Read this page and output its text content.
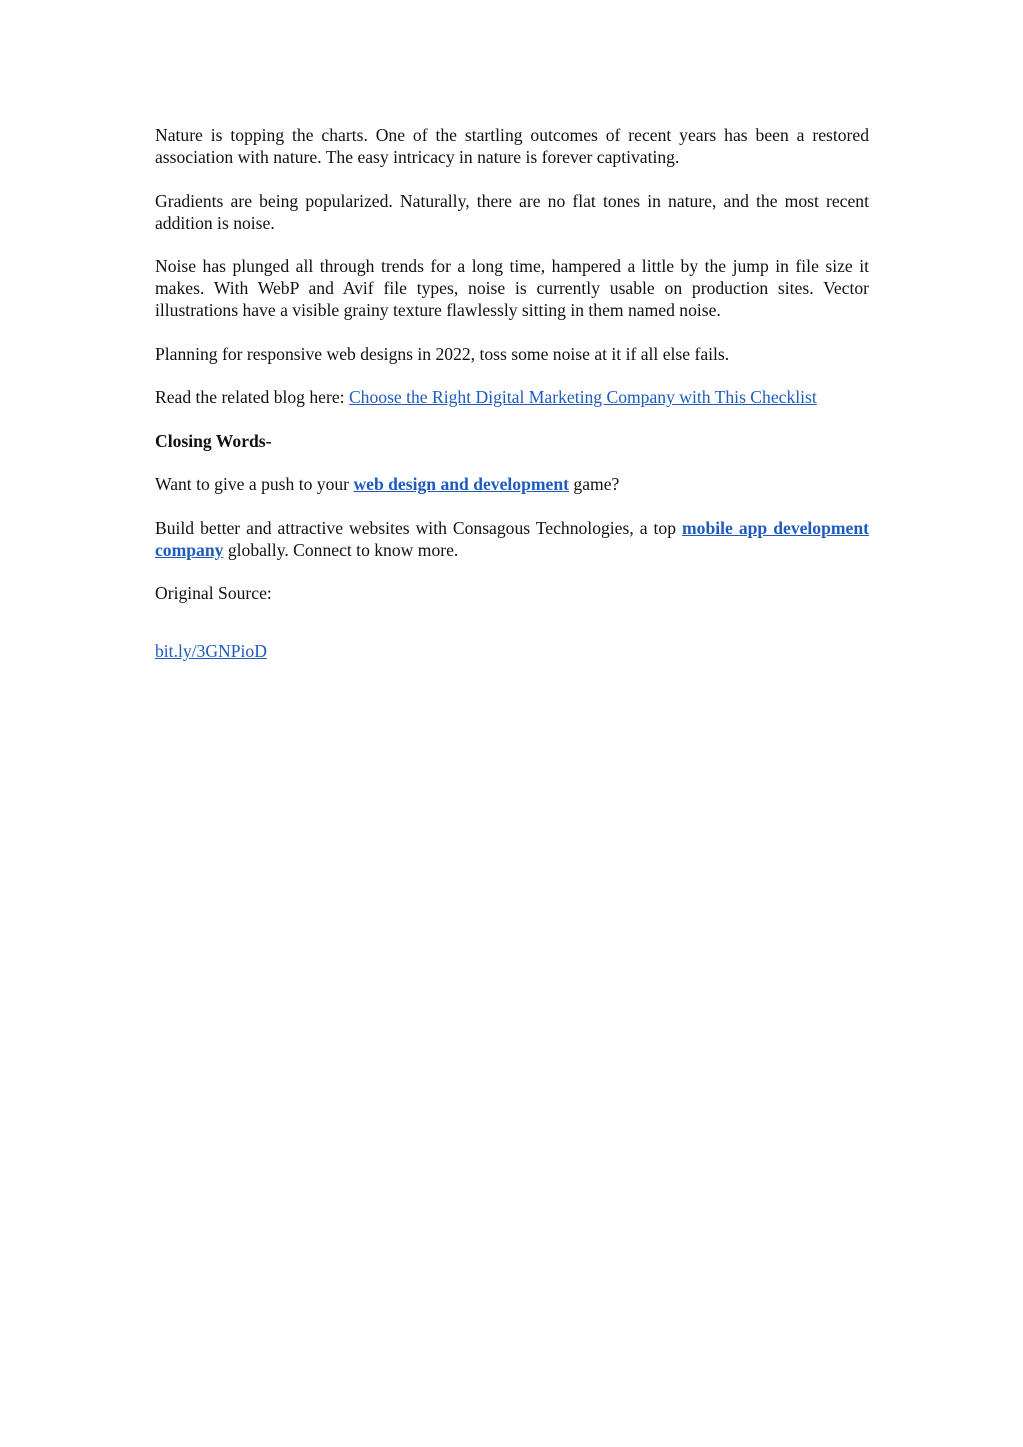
Nature is topping the charts. One of the startling outcomes of recent years has been a restored association with nature. The easy intricacy in nature is forever captivating.

Gradients are being popularized. Naturally, there are no flat tones in nature, and the most recent addition is noise.

Noise has plunged all through trends for a long time, hampered a little by the jump in file size it makes. With WebP and Avif file types, noise is currently usable on production sites. Vector illustrations have a visible grainy texture flawlessly sitting in them named noise.

Planning for responsive web designs in 2022, toss some noise at it if all else fails.

Read the related blog here: Choose the Right Digital Marketing Company with This Checklist

Closing Words-

Want to give a push to your web design and development game?

Build better and attractive websites with Consagous Technologies, a top mobile app development company globally. Connect to know more.

Original Source:

bit.ly/3GNPioD
